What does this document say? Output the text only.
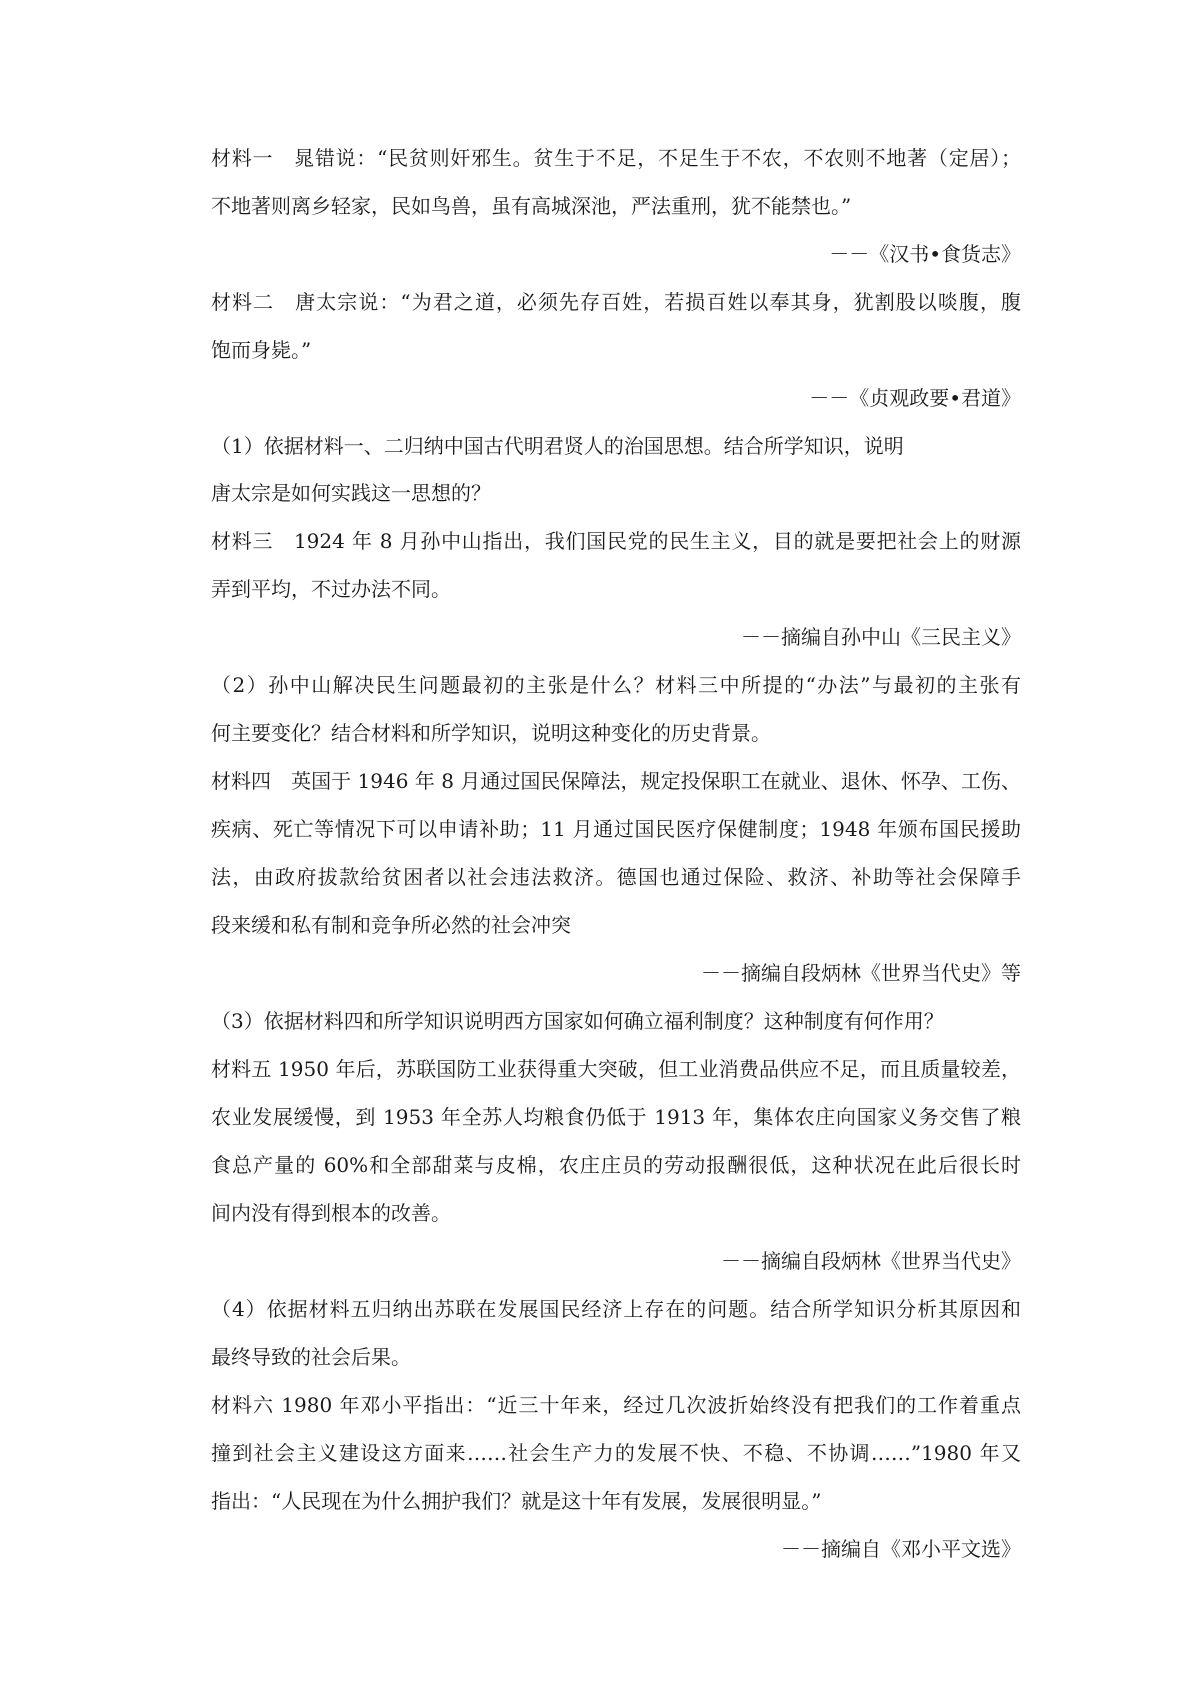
材料一　晁错说：“民贫则奸邪生。贫生于不足，不足生于不农，不农则不地著（定居）；
不地著则离乡轻家，民如鸟兽，虽有高城深池，严法重刑，犹不能禁也。”
－－《汉书•食货志》
材料二　唐太宗说：“为君之道，必须先存百姓，若损百姓以奉其身，犹割股以啖腹，腹
饱而身毙。”
－－《贞观政要•君道》
（1）依据材料一、二归纳中国古代明君贤人的治国思想。结合所学知识，说明
唐太宗是如何实践这一思想的？
材料三　1924 年 8 月孙中山指出，我们国民党的民生主义，目的就是要把社会上的财源
弄到平均，不过办法不同。
－－摘编自孙中山《三民主义》
（2）孙中山解决民生问题最初的主张是什么？材料三中所提的“办法”与最初的主张有
何主要变化？结合材料和所学知识，说明这种变化的历史背景。
材料四　英国于 1946 年 8 月通过国民保障法，规定投保职工在就业、退休、怀孕、工伤、
疾病、死亡等情况下可以申请补助；11 月通过国民医疗保健制度；1948 年颁布国民援助
法，由政府拔款给贫困者以社会违法救济。德国也通过保险、救济、补助等社会保障手
段来缓和私有制和竞争所必然的社会冲突
－－摘编自段炳林《世界当代史》等
（3）依据材料四和所学知识说明西方国家如何确立福利制度？这种制度有何作用？
材料五 1950 年后，苏联国防工业获得重大突破，但工业消费品供应不足，而且质量较差，
农业发展缓慢，到 1953 年全苏人均粮食仍低于 1913 年，集体农庄向国家义务交售了粮
食总产量的 60%和全部甜菜与皮棉，农庄庄员的劳动报酬很低，这种状况在此后很长时
间内没有得到根本的改善。
－－摘编自段炳林《世界当代史》
（4）依据材料五归纳出苏联在发展国民经济上存在的问题。结合所学知识分析其原因和
最终导致的社会后果。
材料六 1980 年邓小平指出：“近三十年来，经过几次波折始终没有把我们的工作着重点
撞到社会主义建设这方面来……社会生产力的发展不快、不稳、不协调……”1980 年又
指出：“人民现在为什么拥护我们？就是这十年有发展，发展很明显。”
－－摘编自《邓小平文选》
